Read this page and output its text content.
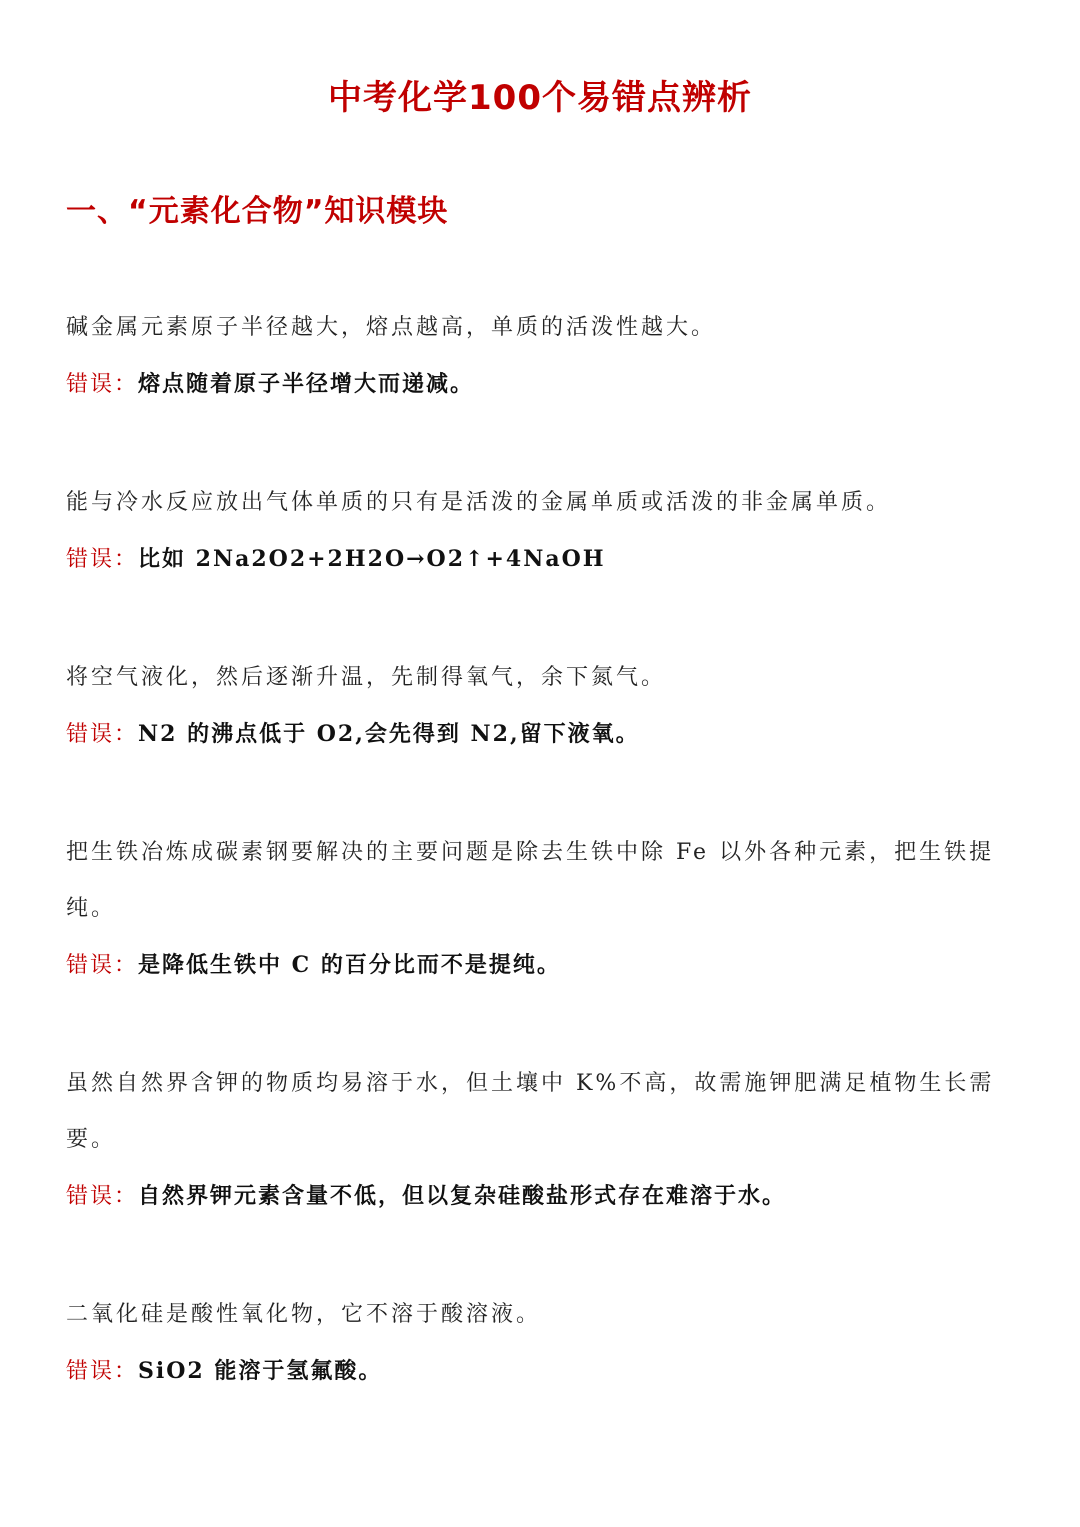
中考化学100个易错点辨析
一、“元素化合物”知识模块

碱金属元素原子半径越大，熔点越高，单质的活泼性越大。

错误：熔点随着原子半径增大而递减。

能与冷水反应放出气体单质的只有是活泼的金属单质或活泼的非金属单质。

错误：比如 2Na2O2+2H2O→O2↑+4NaOH

将空气液化，然后逐渐升温，先制得氧气，余下氮气。

错误：N2 的沸点低于 O2,会先得到 N2,留下液氧。

把生铁冶炼成碳素钢要解决的主要问题是除去生铁中除 Fe 以外各种元素，把生铁提纯。

错误：是降低生铁中 C 的百分比而不是提纯。

虽然自然界含钾的物质均易溶于水，但土壤中 K%不高，故需施钾肥满足植物生长需要。

错误：自然界钾元素含量不低，但以复杂硅酸盐形式存在难溶于水。

二氧化硅是酸性氧化物，它不溶于酸溶液。

错误：SiO2 能溶于氢氟酸。
